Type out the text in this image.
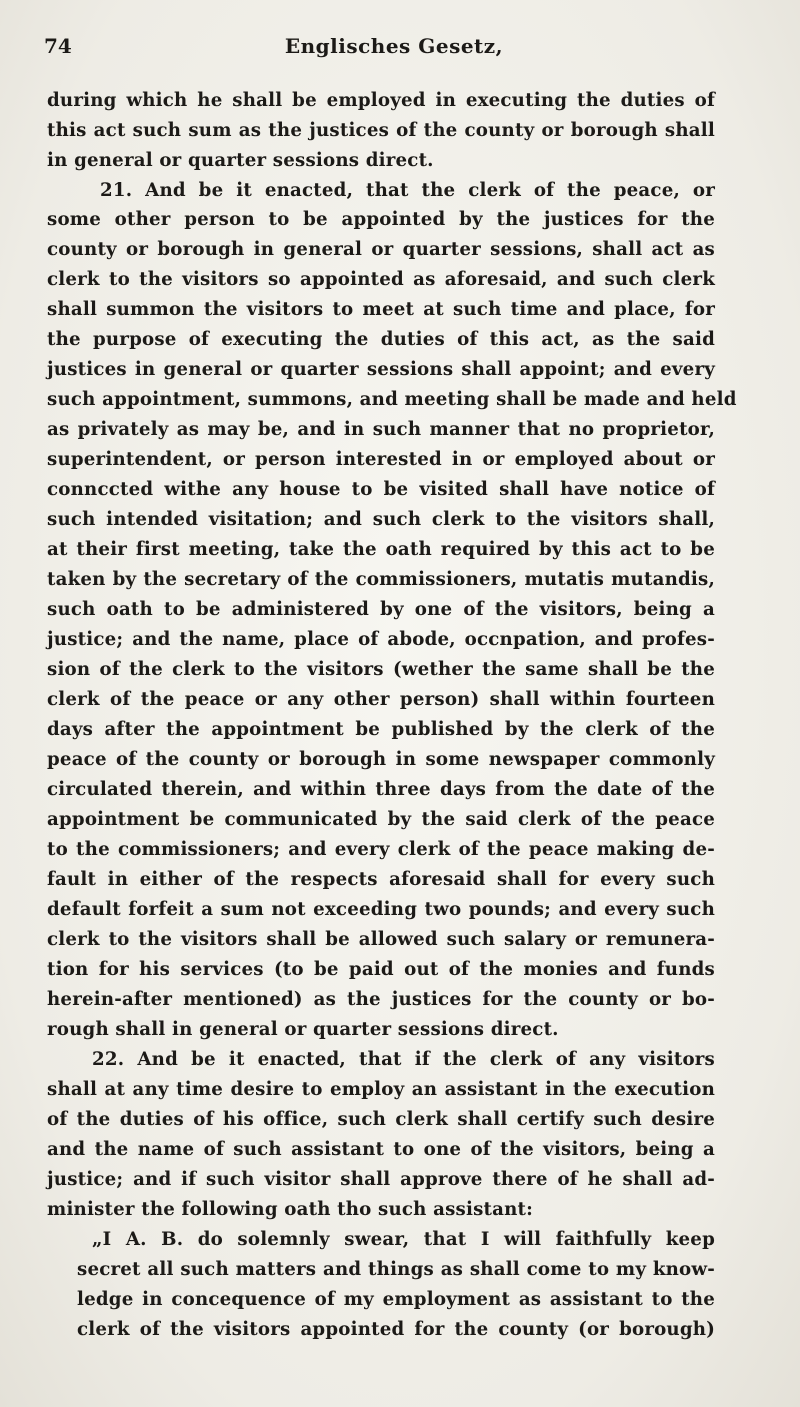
74	Englisches Gesetz,
during which he shall be employed in executing the duties of
this act such sum as the justices of the county or borough shall
in general or quarter sessions direct.
21. And be it enacted, that the clerk of the peace, or
some other person to be appointed by the justices for the
county or borough in general or quarter sessions, shall act as
clerk to the visitors so appointed as aforesaid, and such clerk
shall summon the visitors to meet at such time and place, for
the purpose of executing the duties of this act, as the said
justices in general or quarter sessions shall appoint; and every
such appointment, summons, and meeting shall be made and held
as privately as may be, and in such manner that no proprietor,
superintendent, or person interested in or employed about or
connccted withe any house to be visited shall have notice of
such intended visitation; and such clerk to the visitors shall,
at their first meeting, take the oath required by this act to be
taken by the secretary of the commissioners, mutatis mutandis,
such oath to be administered by one of the visitors, being a
justice; and the name, place of abode, occnpation, and profes-
sion of the clerk to the visitors (wether the same shall be the
clerk of the peace or any other person) shall within fourteen
days after the appointment be published by the clerk of the
peace of the county or borough in some newspaper commonly
circulated therein, and within three days from the date of the
appointment be communicated by the said clerk of the peace
to the commissioners; and every clerk of the peace making de-
fault in either of the respects aforesaid shall for every such
default forfeit a sum not exceeding two pounds; and every such
clerk to the visitors shall be allowed such salary or remunera-
tion for his services (to be paid out of the monies and funds
herein-after mentioned) as the justices for the county or bo-
rough shall in general or quarter sessions direct.
22. And be it enacted, that if the clerk of any visitors
shall at any time desire to employ an assistant in the execution
of the duties of his office, such clerk shall certify such desire
and the name of such assistant to one of the visitors, being a
justice; and if such visitor shall approve there of he shall ad-
minister the following oath tho such assistant:
„I A. B. do solemnly swear, that I will faithfully keep
secret all such matters and things as shall come to my know-
ledge in concequence of my employment as assistant to the
clerk of the visitors appointed for the county (or borough)
